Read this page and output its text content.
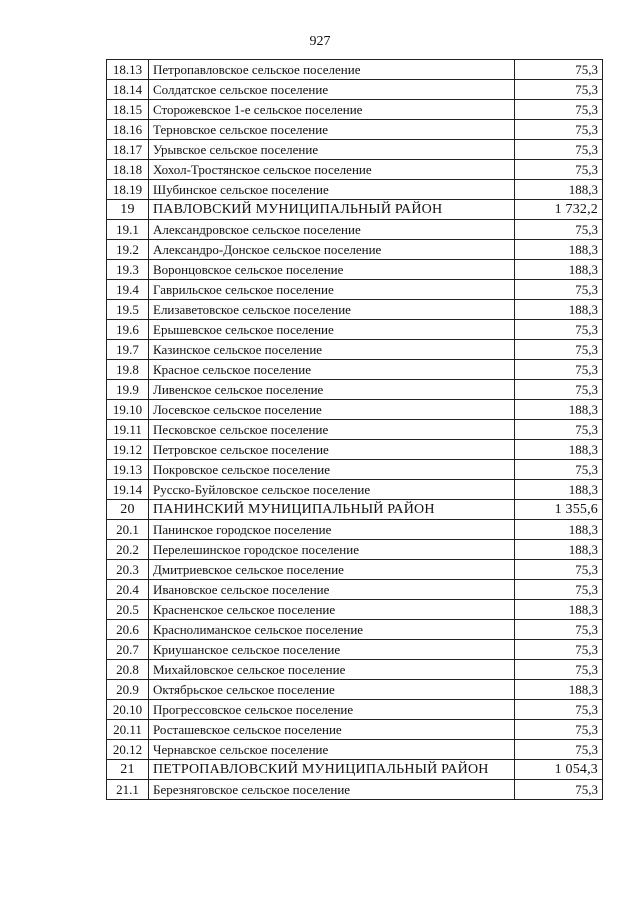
927
18.13	Петропавловское сельское поселение	75,3
18.14	Солдатское сельское поселение	75,3
18.15	Сторожевское 1-е сельское поселение	75,3
18.16	Терновское сельское поселение	75,3
18.17	Урывское сельское поселение	75,3
18.18	Хохол-Тростянское сельское поселение	75,3
18.19	Шубинское сельское поселение	188,3
19	ПАВЛОВСКИЙ МУНИЦИПАЛЬНЫЙ РАЙОН	1 732,2
19.1	Александровское сельское поселение	75,3
19.2	Александро-Донское сельское поселение	188,3
19.3	Воронцовское сельское поселение	188,3
19.4	Гаврильское сельское поселение	75,3
19.5	Елизаветовское сельское поселение	188,3
19.6	Ерышевское сельское поселение	75,3
19.7	Казинское сельское поселение	75,3
19.8	Красное сельское поселение	75,3
19.9	Ливенское сельское поселение	75,3
19.10	Лосевское сельское поселение	188,3
19.11	Песковское сельское поселение	75,3
19.12	Петровское сельское поселение	188,3
19.13	Покровское сельское поселение	75,3
19.14	Русско-Буйловское сельское поселение	188,3
20	ПАНИНСКИЙ МУНИЦИПАЛЬНЫЙ РАЙОН	1 355,6
20.1	Панинское городское поселение	188,3
20.2	Перелешинское городское поселение	188,3
20.3	Дмитриевское сельское поселение	75,3
20.4	Ивановское сельское поселение	75,3
20.5	Красненское сельское поселение	188,3
20.6	Краснолиманское сельское поселение	75,3
20.7	Криушанское сельское поселение	75,3
20.8	Михайловское сельское поселение	75,3
20.9	Октябрьское сельское поселение	188,3
20.10	Прогрессовское сельское поселение	75,3
20.11	Росташевское сельское поселение	75,3
20.12	Чернавское сельское поселение	75,3
21	ПЕТРОПАВЛОВСКИЙ МУНИЦИПАЛЬНЫЙ РАЙОН	1 054,3
21.1	Березняговское сельское поселение	75,3
